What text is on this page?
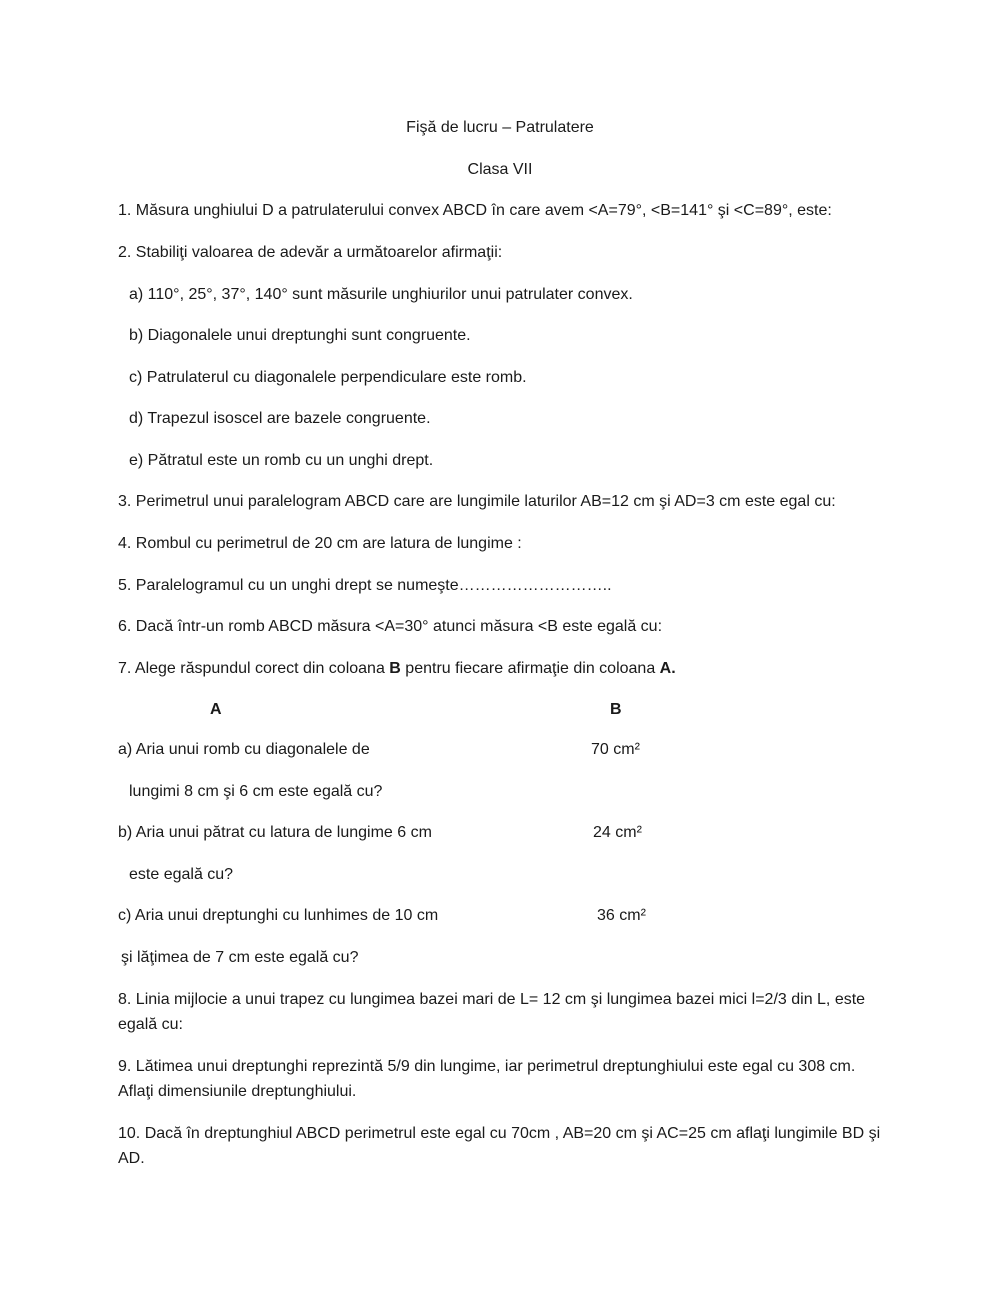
Fişă de lucru – Patrulatere
Clasa VII
1. Măsura unghiului D a patrulaterului convex ABCD în care avem <A=79°, <B=141° şi <C=89°, este:
2. Stabiliţi valoarea de adevăr a următoarelor afirmaţii:
a) 110°, 25°, 37°, 140° sunt măsurile unghiurilor unui patrulater convex.
b) Diagonalele unui dreptunghi sunt congruente.
c) Patrulaterul cu diagonalele perpendiculare este romb.
d) Trapezul isoscel are bazele congruente.
e) Pătratul este un romb cu un unghi drept.
3. Perimetrul unui paralelogram ABCD care are lungimile laturilor AB=12 cm şi AD=3 cm este egal cu:
4. Rombul cu perimetrul de 20 cm are latura de lungime :
5. Paralelogramul cu un unghi drept se numeşte………………………..
6. Dacă într-un romb ABCD măsura <A=30° atunci măsura <B este egală cu:
7. Alege răspundul corect din coloana B pentru fiecare afirmaţie din coloana A.
A	B
a) Aria unui romb cu diagonalele de	70 cm²
lungimi 8 cm şi 6 cm este egală cu?
b) Aria unui pătrat cu latura de lungime 6 cm	24 cm²
este egală cu?
c) Aria unui dreptunghi cu lunhimes de 10 cm	36 cm²
şi lăţimea de 7 cm este egală cu?
8. Linia mijlocie a unui trapez cu lungimea bazei mari de L= 12 cm şi lungimea bazei mici l=2/3 din L, este egală cu:
9. Lătimea unui dreptunghi reprezintă 5/9 din lungime, iar perimetrul dreptunghiului este egal cu 308 cm. Aflaţi dimensiunile dreptunghiului.
10. Dacă în dreptunghiul ABCD perimetrul este egal cu 70cm , AB=20 cm şi AC=25 cm aflaţi lungimile BD şi AD.
